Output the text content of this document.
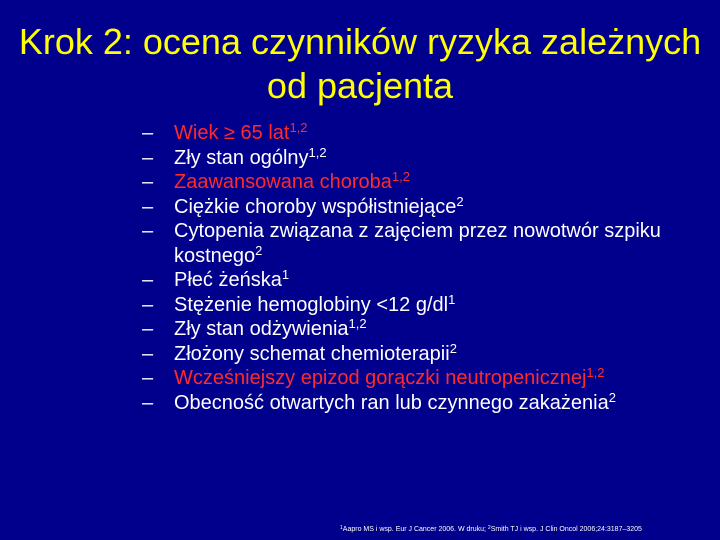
Krok 2: ocena czynników ryzyka zależnych od pacjenta
– Wiek ≥ 65 lat$^{1,2}$
– Zły stan ogólny$^{1,2}$
– Zaawansowana choroba$^{1,2}$
– Ciężkie choroby współistniejące$^2$
– Cytopenia związana z zajęciem przez nowotwór szpiku kostnego$^2$
– Płeć żeńska$^1$
– Stężenie hemoglobiny <12 $g/dl^1$
– Zły stan odżywienia$^{1,2}$
– Złożony schemat chemioterapii$^2$
– Wcześniejszy epizod gorączki neutropenicznej$^{1,2}$
– Obecność otwartych ran lub czynnego zakażenia$^2$
$^1$Aapro MS i wsp. Eur J Cancer 2006. W druku; $^2$Smith TJ i wsp. J Clin Oncol 2006;24:3187–3205
